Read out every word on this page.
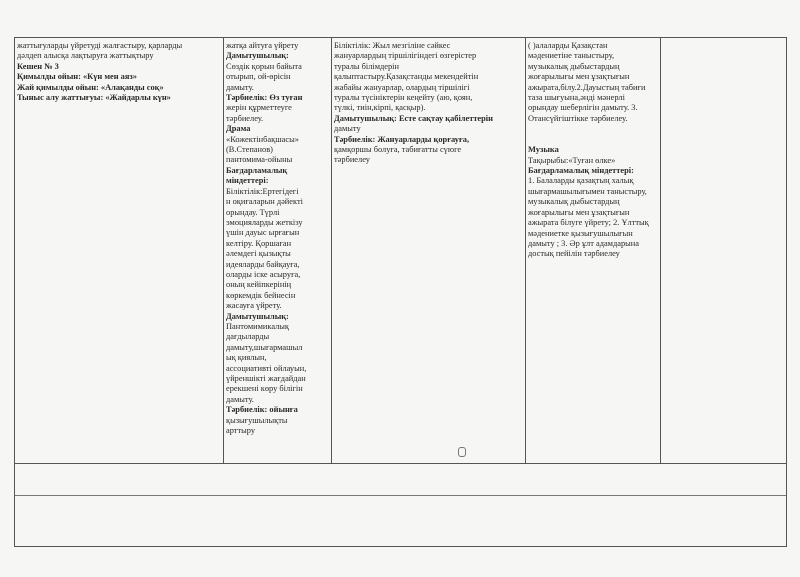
жаттығуларды үйретуді жалғастыру, қарларды

дәлдеп алысқа лақтыруға жаттықтыру

Кешен № 3

Қимылды ойын: «Күн мен аяз»

Жай қимылды ойын: «Алақанды соқ»

Тыныс алу жаттығуы: «Жайдарлы күн»

жатқа айтуға үйрету

Дамытушылық:

Сөздік қорын байыта

отырып, ой-өрісін

дамыту.

Тәрбиелік: Өз туған

жерін құрметтеуге

тәрбиелеу.

Драма

«Кожектінбақшасы»

(В.Степанов)

пантомима-ойыны

Бағдарламалық

міндеттері:

Біліктілік:Ертегідегі

н оқиғаларын дәйекті

орындау. Түрлі

эмоцияларды жеткізу

үшін дауыс ырғағын

келтіру. Қоршаған

әлемдегі қызықты

идеяларды байқауға,

оларды іске асыруға,

оның кейіпкерінің

көркемдік бейнесін

жасауға үйрету.

Дамытушылық:

Пантомимикалық

дағдыларды

дамыту,шығармашыл

ық қиялын,

ассоциативті ойлауын,

үйреншікті жағдайдан

ерекшені көру білігін

дамыту.

Тәрбиелік: ойынға

қызығушылықты

арттыру

Біліктілік: Жыл мезгіліне сәйкес

жануарлардың тіршілігіндегі өзгерістер

туралы білімдерін

қалыптастыру.Қазақстанды мекендейтін

жабайы жануарлар, олардың тіршілігі

туралы түсініктерін кеңейту (аю, қоян,

түлкі, тиін,кірпі, қасқыр).

Дамытушылық: Есте сақтау қабілеттерін

дамыту

Тәрбиелік: Жануарларды қорғауға,

қамқоршы болуға, табиғатты сүюге

тәрбиелеу

( )алаларды Қазақстан

мәдениетіне таныстыру,

музыкалық дыбыстардың

жоғарылығы мен ұзақтығын

ажырата,білу.2.Дауыстың табиғи

таза шығуына,әнді мәнерлі

орындау шеберлігін дамыту. 3.

Отансүйгіштікке тәрбиелеу.

Музыка

Тақырыбы:«Туған өлке»

Бағдарламалық міндеттері:

1. Балаларды қазақтың халық

шығармашылығымен таныстыру,

музыкалық дыбыстардың

жоғарылығы мен ұзақтығын

ажырата білуге үйрету; 2. Ұлттық

мәдениетке қызығушылығын

дамыту ; 3. Әр ұлт адамдарына

достық пейілін тәрбиелеу
